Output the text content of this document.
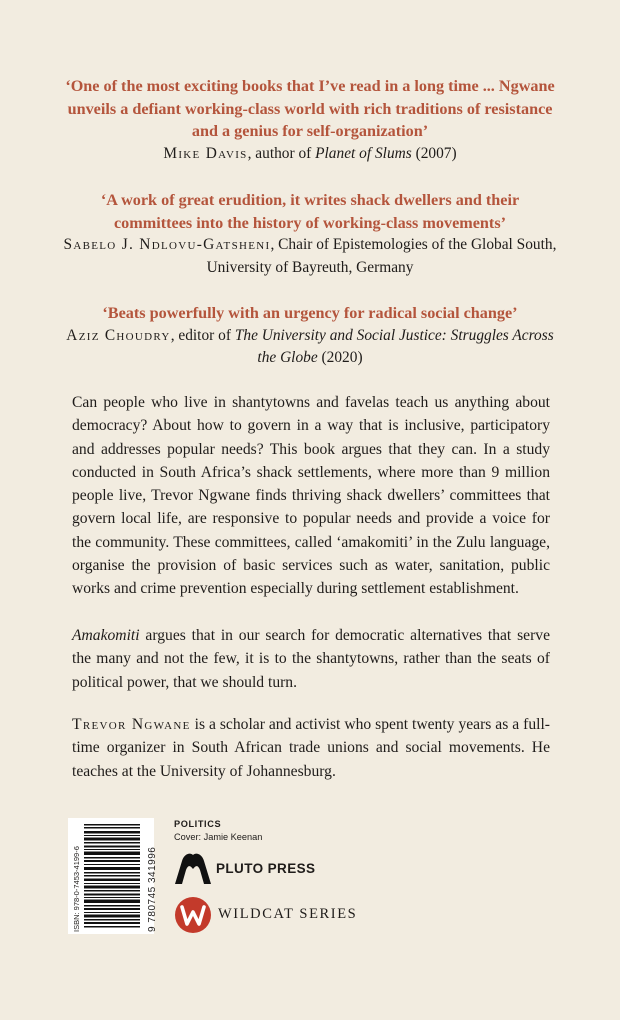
‘One of the most exciting books that I’ve read in a long time ... Ngwane unveils a defiant working-class world with rich traditions of resistance and a genius for self-organization’

Mike Davis, author of Planet of Slums (2007)

‘A work of great erudition, it writes shack dwellers and their committees into the history of working-class movements’

Sabelo J. Ndlovu-Gatsheni, Chair of Epistemologies of the Global South, University of Bayreuth, Germany

‘Beats powerfully with an urgency for radical social change’

Aziz Choudry, editor of The University and Social Justice: Struggles Across the Globe (2020)

Can people who live in shantytowns and favelas teach us anything about democracy? About how to govern in a way that is inclusive, participatory and addresses popular needs? This book argues that they can. In a study conducted in South Africa’s shack settlements, where more than 9 million people live, Trevor Ngwane finds thriving shack dwellers’ committees that govern local life, are responsive to popular needs and provide a voice for the community. These committees, called ‘amakomiti’ in the Zulu language, organise the provision of basic services such as water, sanitation, public works and crime prevention especially during settlement establishment.

Amakomiti argues that in our search for democratic alternatives that serve the many and not the few, it is to the shantytowns, rather than the seats of political power, that we should turn.

Trevor Ngwane is a scholar and activist who spent twenty years as a full-time organizer in South African trade unions and social movements. He teaches at the University of Johannesburg.

ISBN: 978-0-7453-4199-6	9 780745 341996

POLITICS

Cover: Jamie Keenan

PLUTO PRESS
WILDCAT SERIES
